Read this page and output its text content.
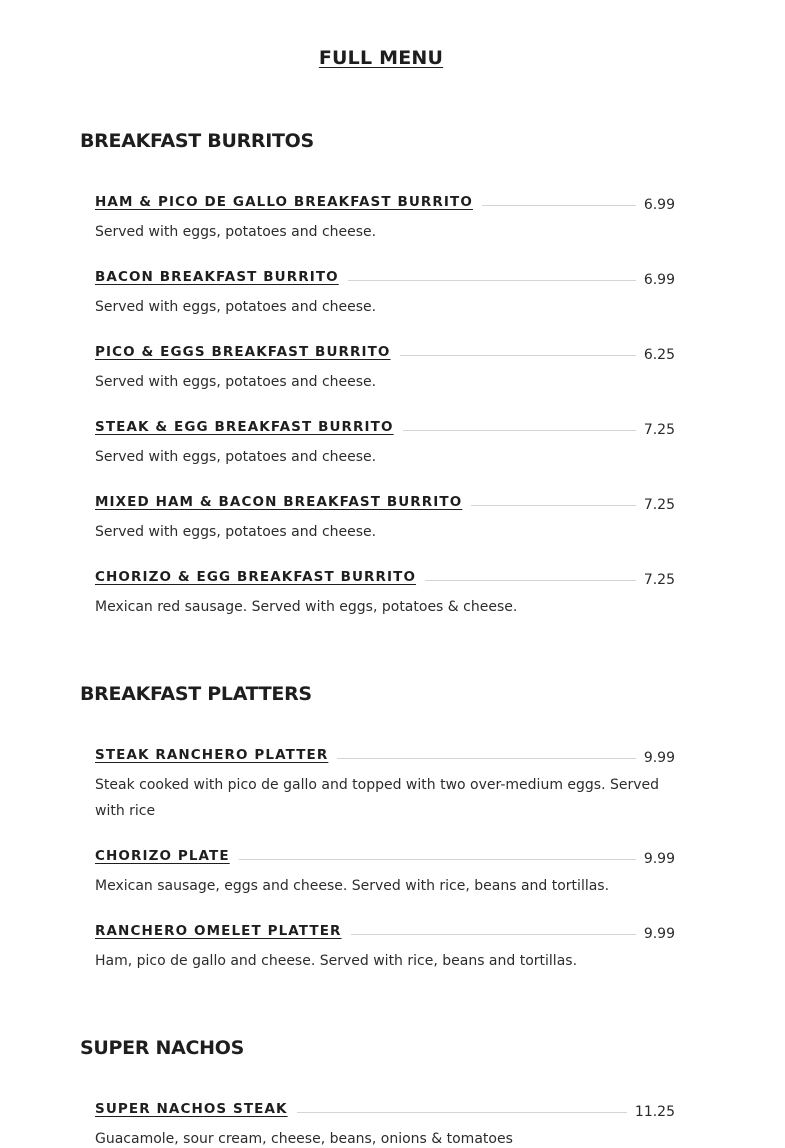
FULL MENU
BREAKFAST BURRITOS
HAM & PICO DE GALLO BREAKFAST BURRITO	6.99

Served with eggs, potatoes and cheese.

BACON BREAKFAST BURRITO	6.99

Served with eggs, potatoes and cheese.

PICO & EGGS BREAKFAST BURRITO	6.25

Served with eggs, potatoes and cheese.

STEAK & EGG BREAKFAST BURRITO	7.25

Served with eggs, potatoes and cheese.

MIXED HAM & BACON BREAKFAST BURRITO	7.25

Served with eggs, potatoes and cheese.

CHORIZO & EGG BREAKFAST BURRITO	7.25

Mexican red sausage. Served with eggs, potatoes & cheese.

BREAKFAST PLATTERS
STEAK RANCHERO PLATTER	9.99

Steak cooked with pico de gallo and topped with two over-medium eggs. Served with rice

CHORIZO PLATE	9.99

Mexican sausage, eggs and cheese. Served with rice, beans and tortillas.

RANCHERO OMELET PLATTER	9.99

Ham, pico de gallo and cheese. Served with rice, beans and tortillas.

SUPER NACHOS
SUPER NACHOS STEAK	11.25

Guacamole, sour cream, cheese, beans, onions & tomatoes
